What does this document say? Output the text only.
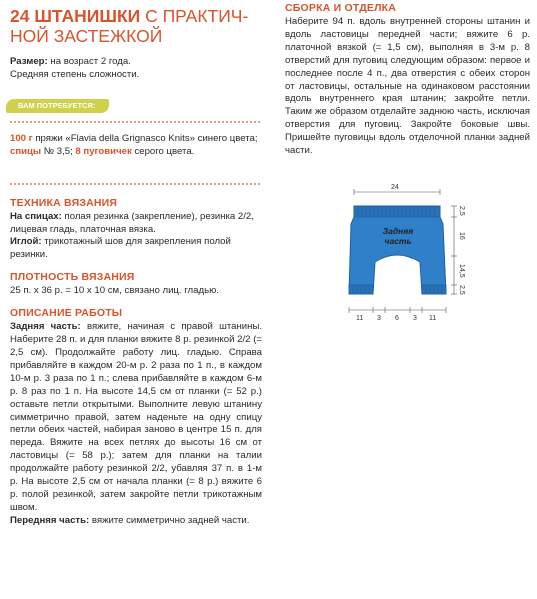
24 ШТАНИШКИ С ПРАКТИЧ-
НОЙ ЗАСТЕЖКОЙ

Размер: на возраст 2 года.

Средняя степень сложности.

ВАМ ПОТРЕБУЕТСЯ:

100 г пряжи «Flavia della Grignasco Knits» синего цвета; спицы № 3,5; 8 пуговичек серого цвета.

ТЕХНИКА ВЯЗАНИЯ

На спицах: полая резинка (закрепление), резинка 2/2, лицевая гладь, платочная вязка.

Иглой: трикотажный шов для закрепления полой резинки.

ПЛОТНОСТЬ ВЯЗАНИЯ

25 п. х 36 р. = 10 х 10 см, связано лиц. гладью.

ОПИСАНИЕ РАБОТЫ

Задняя часть: вяжите, начиная с правой штанины. Наберите 28 п. и для планки вяжите 8 р. резинкой 2/2 (= 2,5 см). Продолжайте работу лиц. гладью. Справа прибавляйте в каждом 20-м р. 2 раза по 1 п., в каждом 10-м р. 3 раза по 1 п.; слева прибавляйте в каждом 6-м р. 8 раз по 1 п. На высоте 14,5 см от планки (= 52 р.) оставьте петли открытыми. Выполните левую штанину симметрично правой, затем наденьте на одну спицу петли обеих частей, набирая заново в центре 15 п. для переда. Вяжите на всех петлях до высоты 16 см от ластовицы (= 58 р.); затем для планки на талии продолжайте работу резинкой 2/2, убавляя 37 п. в 1-м р. На высоте 2,5 см от начала планки (= 8 р.) вяжите 6 р. полой резинкой, затем закройте петли трикотажным швом.

Передняя часть: вяжите симметрично задней части.

СБОРКА И ОТДЕЛКА

Наберите 94 п. вдоль внутренней стороны штанин и вдоль ластовицы передней части; вяжите 6 р. платочной вязкой (= 1,5 см), выполняя в 3-м р. 8 отверстий для пуговиц следующим образом: первое и последнее после 4 п., два отверстия с обеих сторон от ластовицы, остальные на одинаковом расстоянии вдоль внутреннего края штанин; закройте петли. Таким же образом отделайте заднюю часть, исключая отверстия для пуговиц. Закройте боковые швы. Пришейте пуговицы вдоль отделочной планки задней части.

24
Задняя
часть
2,5
16
14,5
2,5
11 3 6 3 11
